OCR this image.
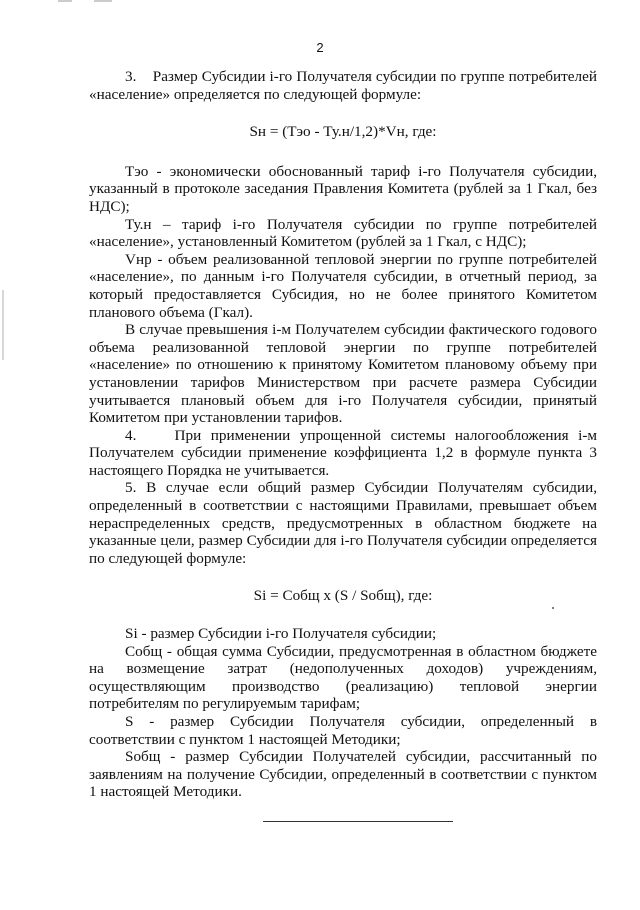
2

3.    Размер Субсидии i-го Получателя субсидии по группе потребителей «население» определяется по следующей формуле:

Sн = (Тэо - Ту.н/1,2)*Vн, где:

Тэо - экономически обоснованный тариф i-го Получателя субсидии, указанный в протоколе заседания Правления Комитета (рублей за 1 Гкал, без НДС);

Ту.н – тариф i-го Получателя субсидии по группе потребителей «население», установленный Комитетом (рублей за 1 Гкал, с НДС);

Vнр - объем реализованной тепловой энергии по группе потребителей «население», по данным i-го Получателя субсидии, в отчетный период, за который предоставляется Субсидия, но не более принятого Комитетом планового объема (Гкал).

В случае превышения i-м Получателем субсидии фактического годового объема реализованной тепловой энергии по группе потребителей «население» по отношению к принятому Комитетом плановому объему при установлении тарифов Министерством при расчете размера Субсидии учитывается плановый объем для i-го Получателя субсидии, принятый Комитетом при установлении тарифов.

4.    При применении упрощенной системы налогообложения i-м Получателем субсидии применение коэффициента 1,2 в формуле пункта 3 настоящего Порядка не учитывается.

5. В случае если общий размер Субсидии Получателям субсидии, определенный в соответствии с настоящими Правилами, превышает объем нераспределенных средств, предусмотренных в областном бюджете на указанные цели, размер Субсидии для i-го Получателя субсидии определяется по следующей формуле:

Si = Cобщ x (S / Sобщ), где:

Si - размер Субсидии i-го Получателя субсидии;

Cобщ - общая сумма Субсидии, предусмотренная в областном бюджете на возмещение затрат (недополученных доходов) учреждениям, осуществляющим производство (реализацию) тепловой энергии потребителям по регулируемым тарифам;

S - размер Субсидии Получателя субсидии, определенный в соответствии с пунктом 1 настоящей Методики;

Sобщ - размер Субсидии Получателей субсидии, рассчитанный по заявлениям на получение Субсидии, определенный в соответствии с пунктом 1 настоящей Методики.
